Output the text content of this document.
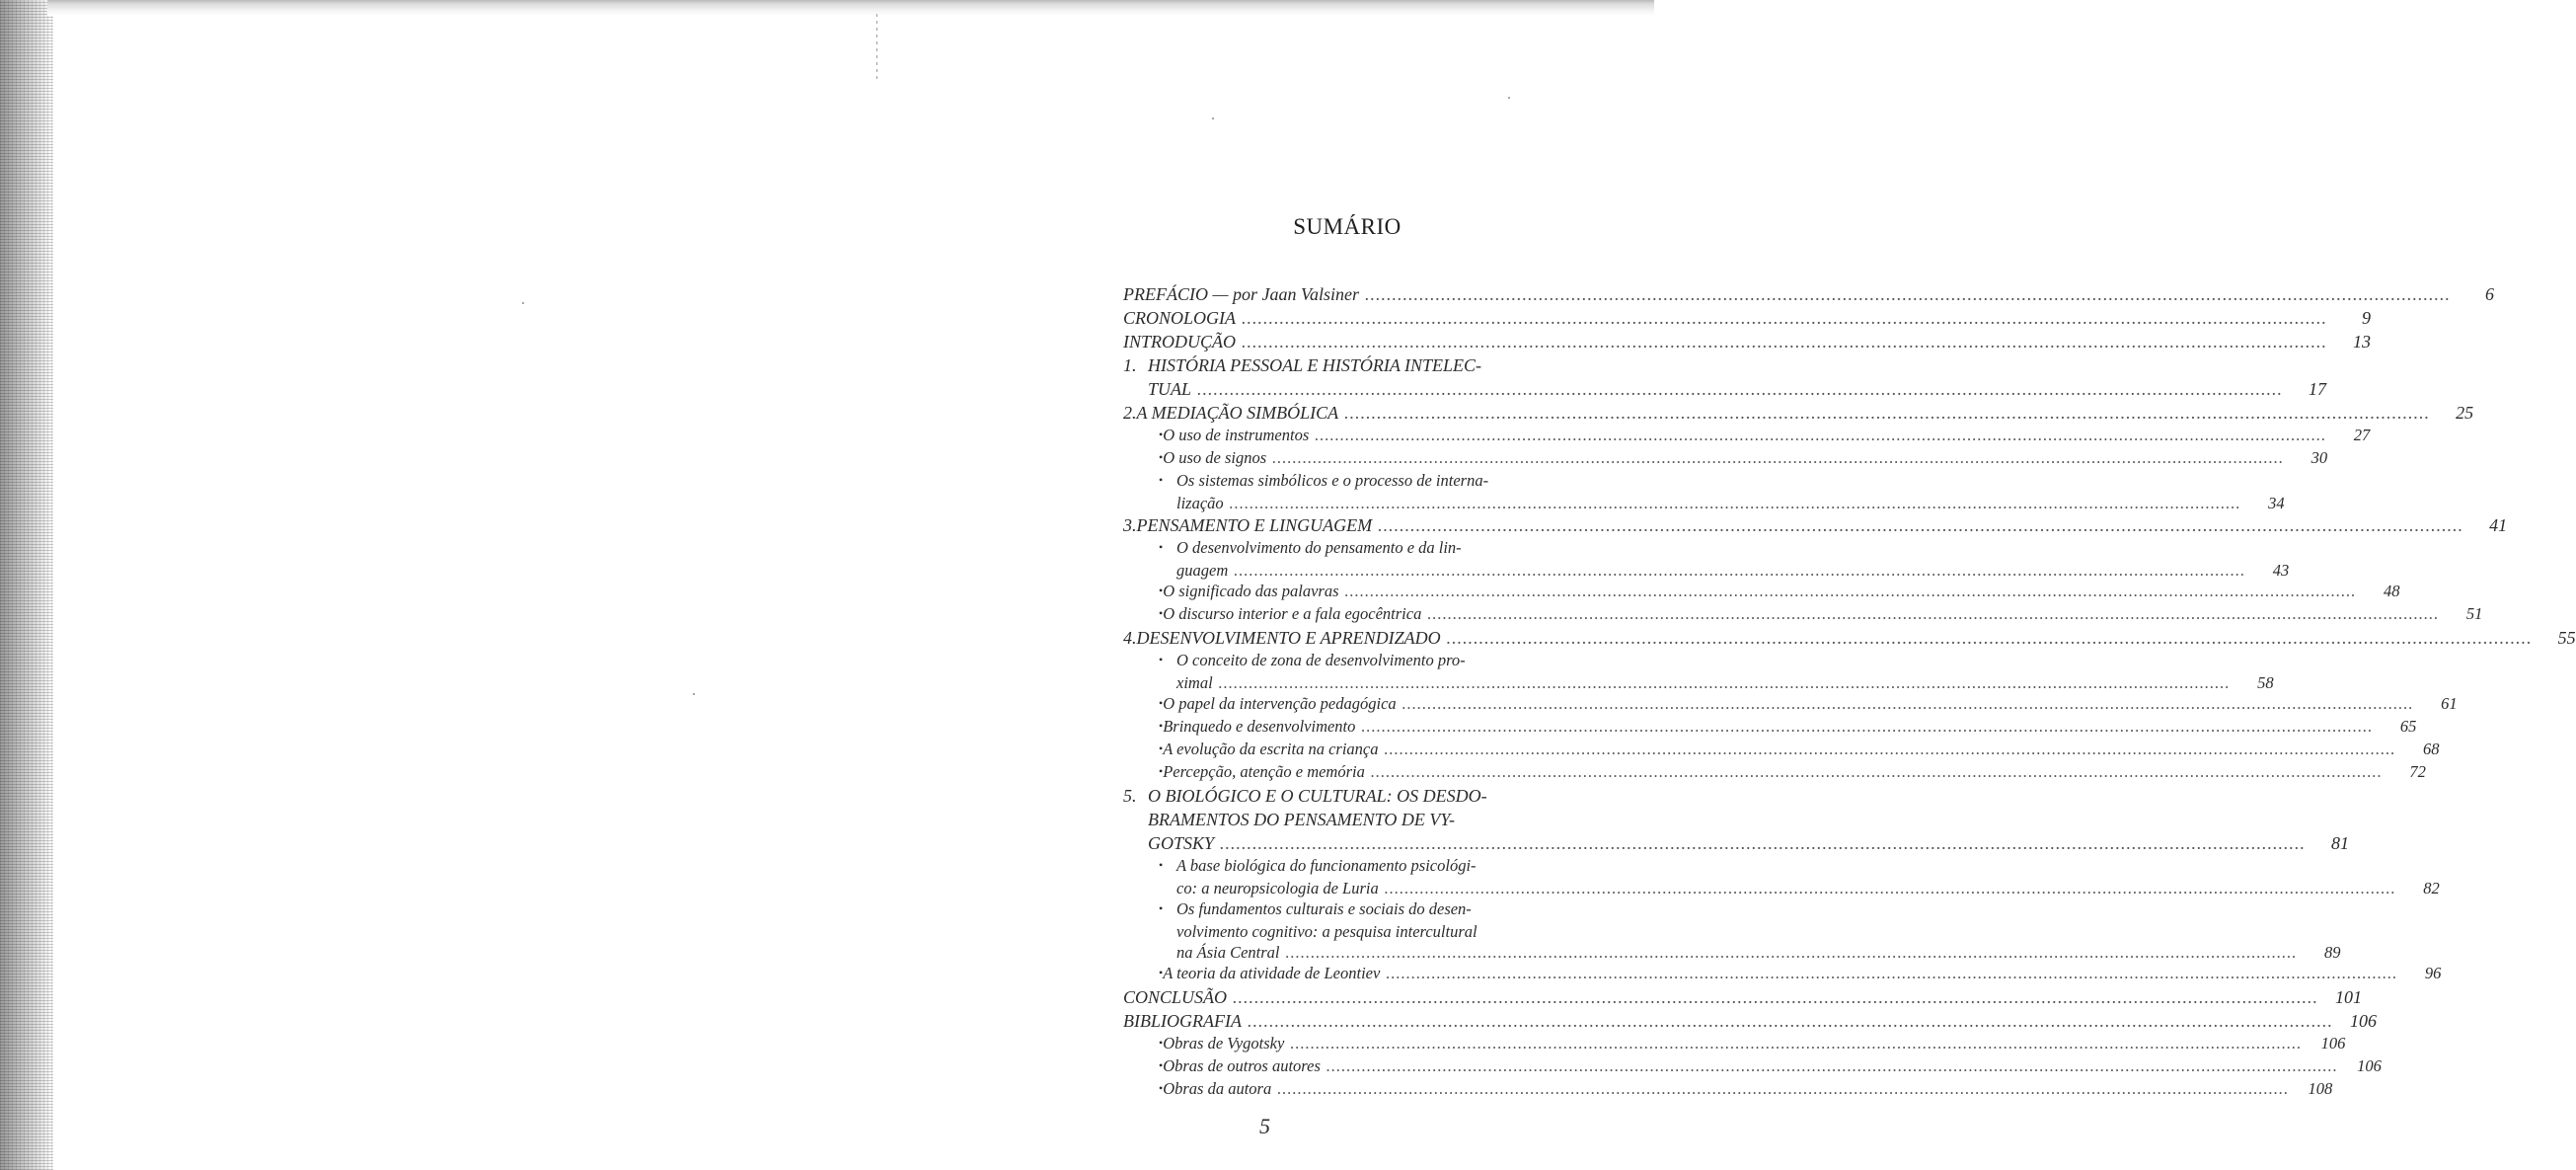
SUMÁRIO
PREFÁCIO — por Jaan Valsiner .....	6
CRONOLOGIA .....	9
INTRODUÇÃO .....	13
1. HISTÓRIA PESSOAL E HISTÓRIA INTELEC-
TUAL .....	17
2. A MEDIAÇÃO SIMBÓLICA .....	25
• O uso de instrumentos .....	27
• O uso de signos .....	30
• Os sistemas simbólicos e o processo de interna-
lização .....	34
3. PENSAMENTO E LINGUAGEM .....	41
• O desenvolvimento do pensamento e da lin-
guagem .....	43
• O significado das palavras .....	48
• O discurso interior e a fala egocêntrica .....	51
4. DESENVOLVIMENTO E APRENDIZADO .....	55
• O conceito de zona de desenvolvimento pro-
ximal .....	58
• O papel da intervenção pedagógica .....	61
• Brinquedo e desenvolvimento .....	65
• A evolução da escrita na criança .....	68
• Percepção, atenção e memória .....	72
5. O BIOLÓGICO E O CULTURAL: OS DESDO-
BRAMENTOS DO PENSAMENTO DE VY-
GOTSKY .....	81
• A base biológica do funcionamento psicológi-
co: a neuropsicologia de Luria .....	82
• Os fundamentos culturais e sociais do desen-
volvimento cognitivo: a pesquisa intercultural
na Ásia Central .....	89
• A teoria da atividade de Leontiev .....	96
CONCLUSÃO .....	101
BIBLIOGRAFIA .....	106
• Obras de Vygotsky .....	106
• Obras de outros autores .....	106
• Obras da autora .....	108
5
